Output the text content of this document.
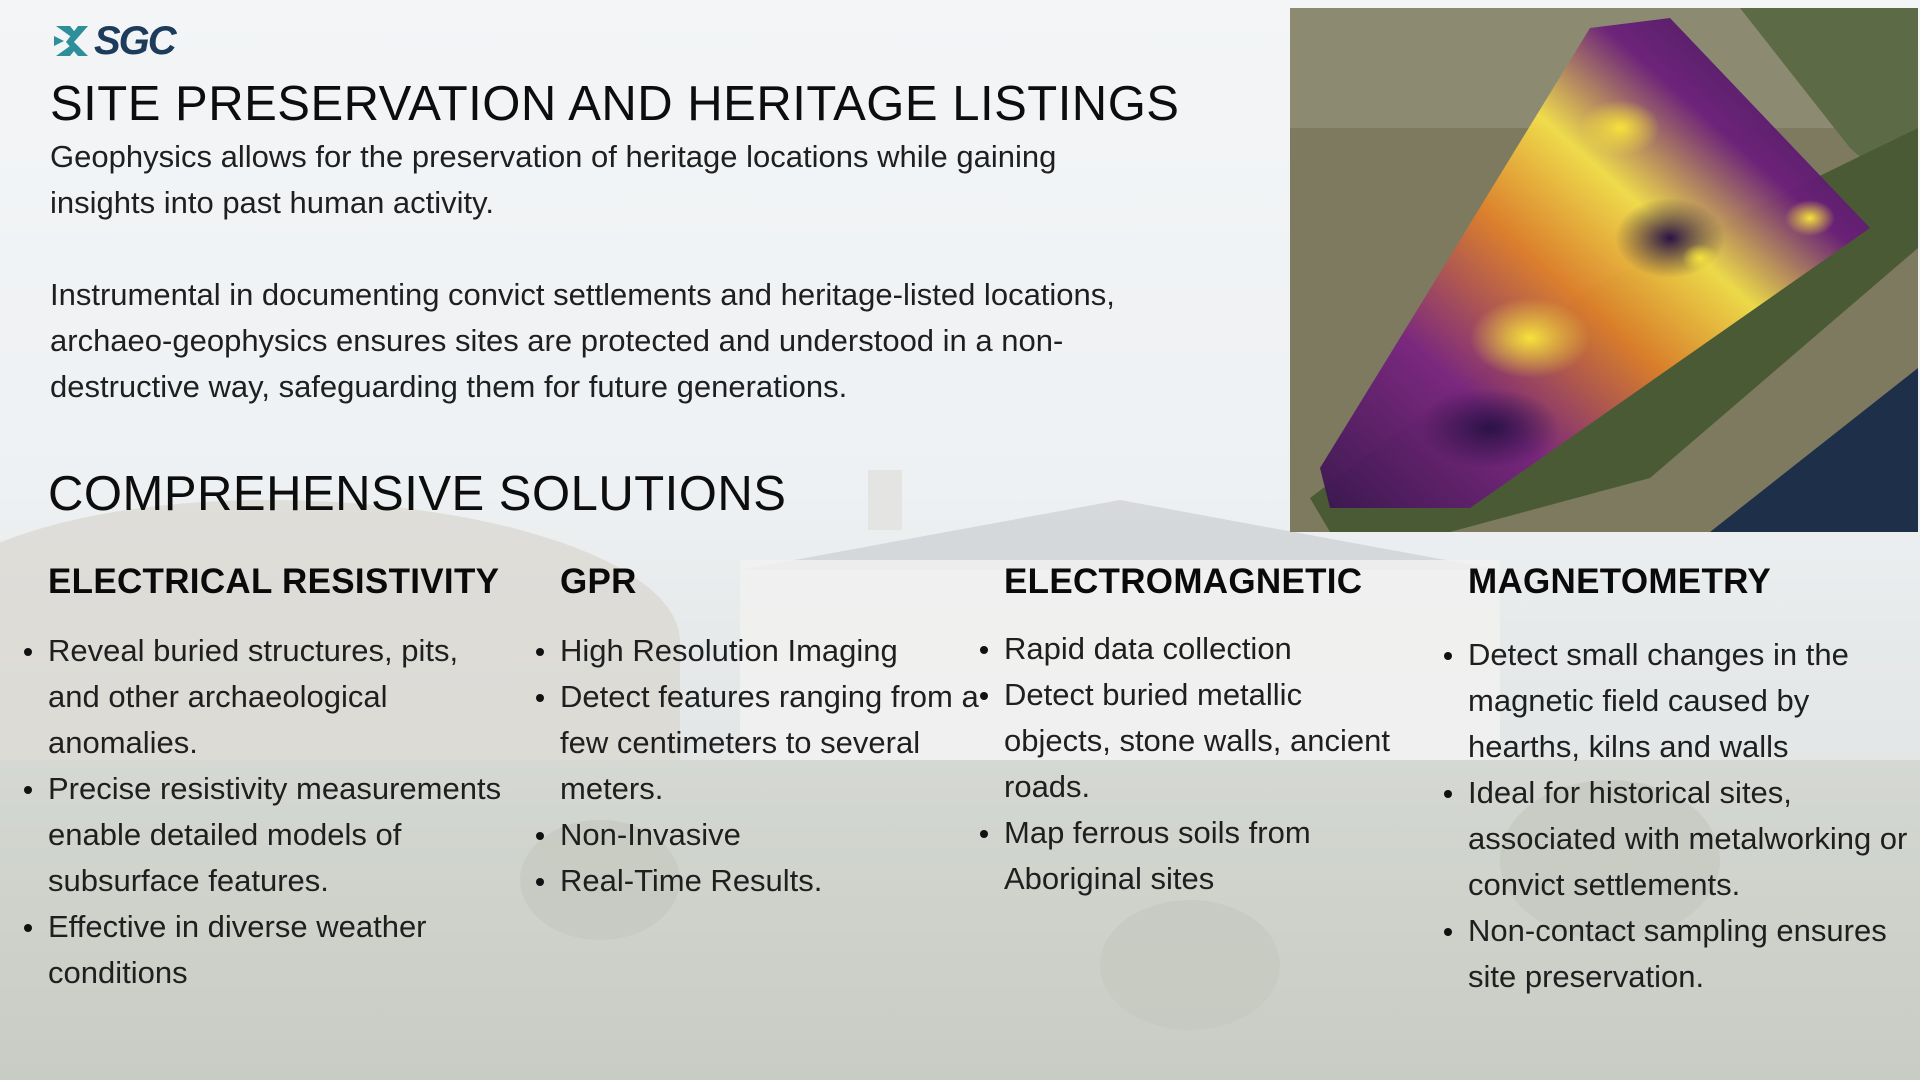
SGC
SITE PRESERVATION AND HERITAGE LISTINGS

Geophysics allows for the preservation of heritage locations while gaining insights into past human activity.

Instrumental in documenting convict settlements and heritage-listed locations, archaeo-geophysics ensures sites are protected and understood in a non-destructive way, safeguarding them for future generations.

COMPREHENSIVE SOLUTIONS
ELECTRICAL RESISTIVITY
Reveal buried structures, pits, and other archaeological anomalies.
Precise resistivity measurements enable detailed models of subsurface features.
Effective in diverse weather conditions
GPR
High Resolution Imaging
Detect features ranging from a few centimeters to several meters.
Non-Invasive
Real-Time Results.
ELECTROMAGNETIC
Rapid data collection
Detect buried metallic objects, stone walls, ancient roads.
Map ferrous soils from Aboriginal sites
MAGNETOMETRY
Detect small changes in the magnetic field caused by hearths, kilns and walls
Ideal for historical sites, associated with metalworking or convict settlements.
Non-contact sampling ensures site preservation.
